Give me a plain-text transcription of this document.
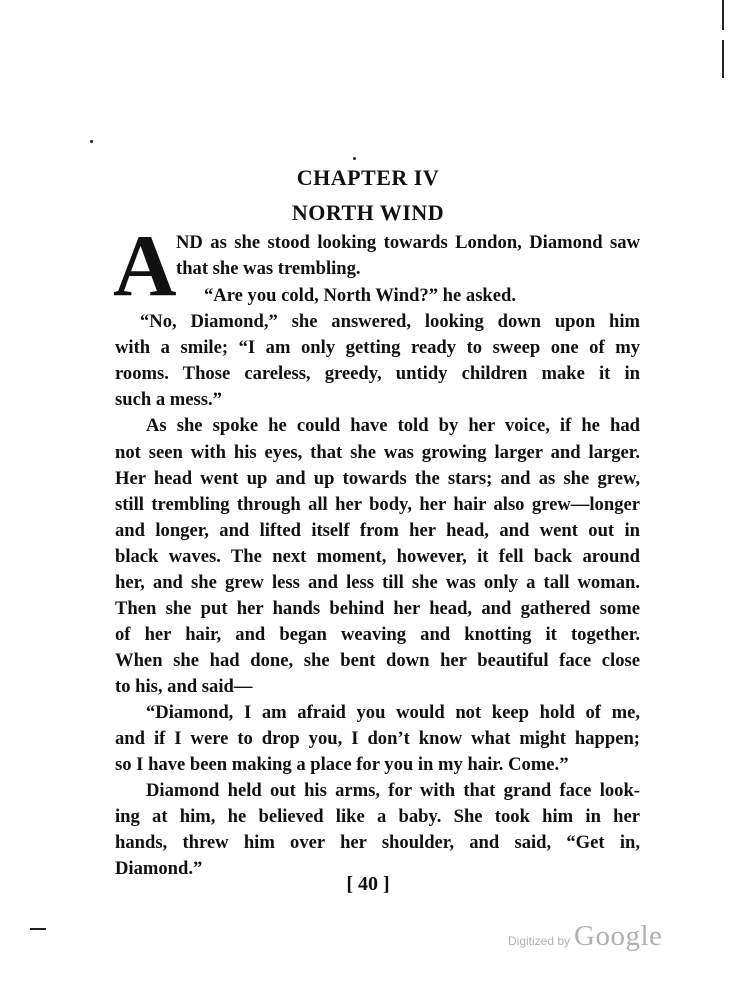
CHAPTER IV
NORTH WIND
A ND as she stood looking towards London, Diamond saw
that she was trembling.
“Are you cold, North Wind?” he asked.
“No, Diamond,” she answered, looking down upon him
with a smile; “I am only getting ready to sweep one of my
rooms. Those careless, greedy, untidy children make it in
such a mess.”
As she spoke he could have told by her voice, if he had
not seen with his eyes, that she was growing larger and larger.
Her head went up and up towards the stars; and as she grew,
still trembling through all her body, her hair also grew—longer
and longer, and lifted itself from her head, and went out in
black waves. The next moment, however, it fell back around
her, and she grew less and less till she was only a tall woman.
Then she put her hands behind her head, and gathered some
of her hair, and began weaving and knotting it together.
When she had done, she bent down her beautiful face close
to his, and said—
“Diamond, I am afraid you would not keep hold of me,
and if I were to drop you, I don’t know what might happen;
so I have been making a place for you in my hair. Come.”
Diamond held out his arms, for with that grand face look-
ing at him, he believed like a baby. She took him in her
hands, threw him over her shoulder, and said, “Get in,
Diamond.”
[ 40 ]
Digitized by Google
